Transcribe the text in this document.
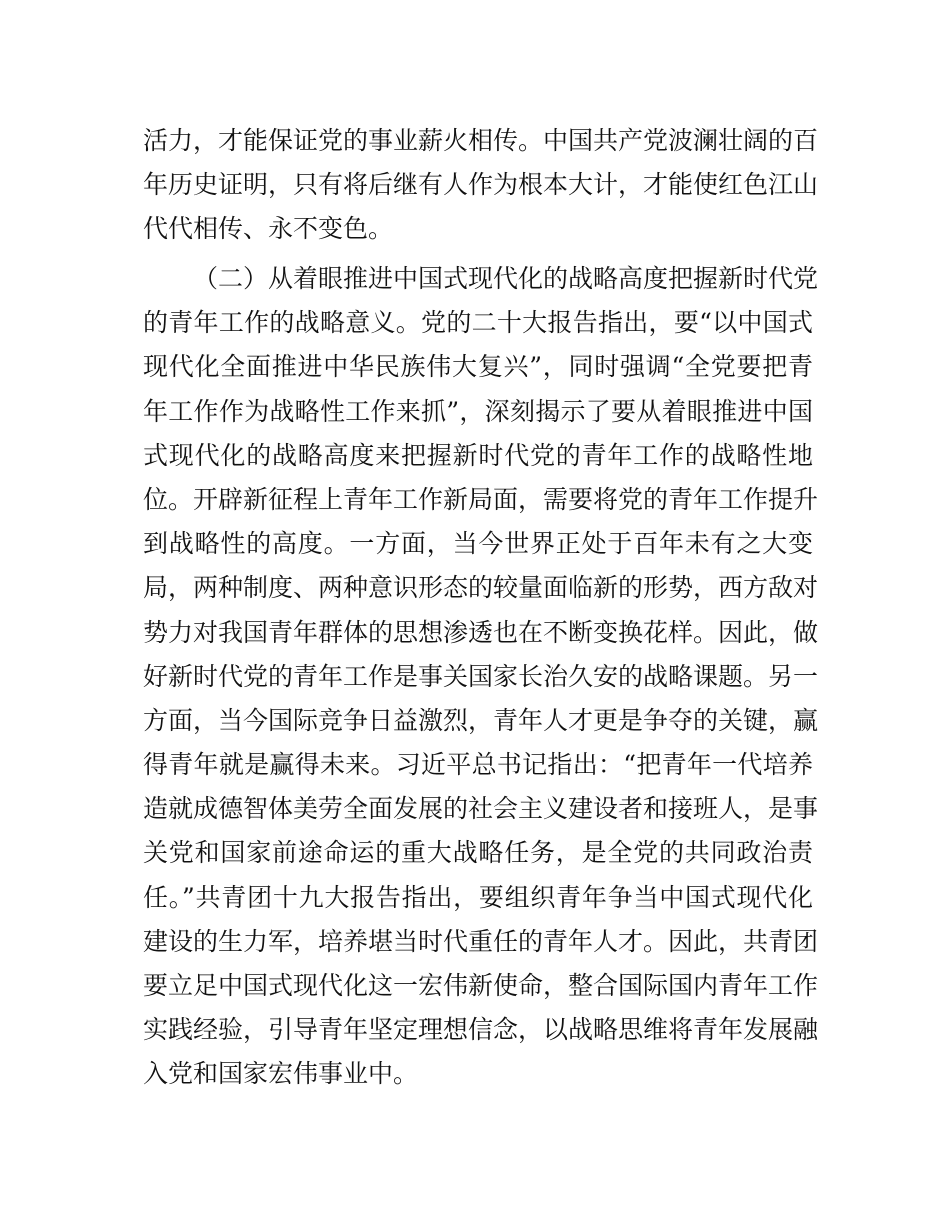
活力，才能保证党的事业薪火相传。中国共产党波澜壮阔的百
年历史证明，只有将后继有人作为根本大计，才能使红色江山
代代相传、永不变色。
（二）从着眼推进中国式现代化的战略高度把握新时代党
的青年工作的战略意义。党的二十大报告指出，要“以中国式
现代化全面推进中华民族伟大复兴”，同时强调“全党要把青
年工作作为战略性工作来抓”，深刻揭示了要从着眼推进中国
式现代化的战略高度来把握新时代党的青年工作的战略性地
位。开辟新征程上青年工作新局面，需要将党的青年工作提升
到战略性的高度。一方面，当今世界正处于百年未有之大变
局，两种制度、两种意识形态的较量面临新的形势，西方敌对
势力对我国青年群体的思想渗透也在不断变换花样。因此，做
好新时代党的青年工作是事关国家长治久安的战略课题。另一
方面，当今国际竞争日益激烈，青年人才更是争夺的关键，赢
得青年就是赢得未来。习近平总书记指出：“把青年一代培养
造就成德智体美劳全面发展的社会主义建设者和接班人，是事
关党和国家前途命运的重大战略任务，是全党的共同政治责
任。”共青团十九大报告指出，要组织青年争当中国式现代化
建设的生力军，培养堪当时代重任的青年人才。因此，共青团
要立足中国式现代化这一宏伟新使命，整合国际国内青年工作
实践经验，引导青年坚定理想信念，以战略思维将青年发展融
入党和国家宏伟事业中。
